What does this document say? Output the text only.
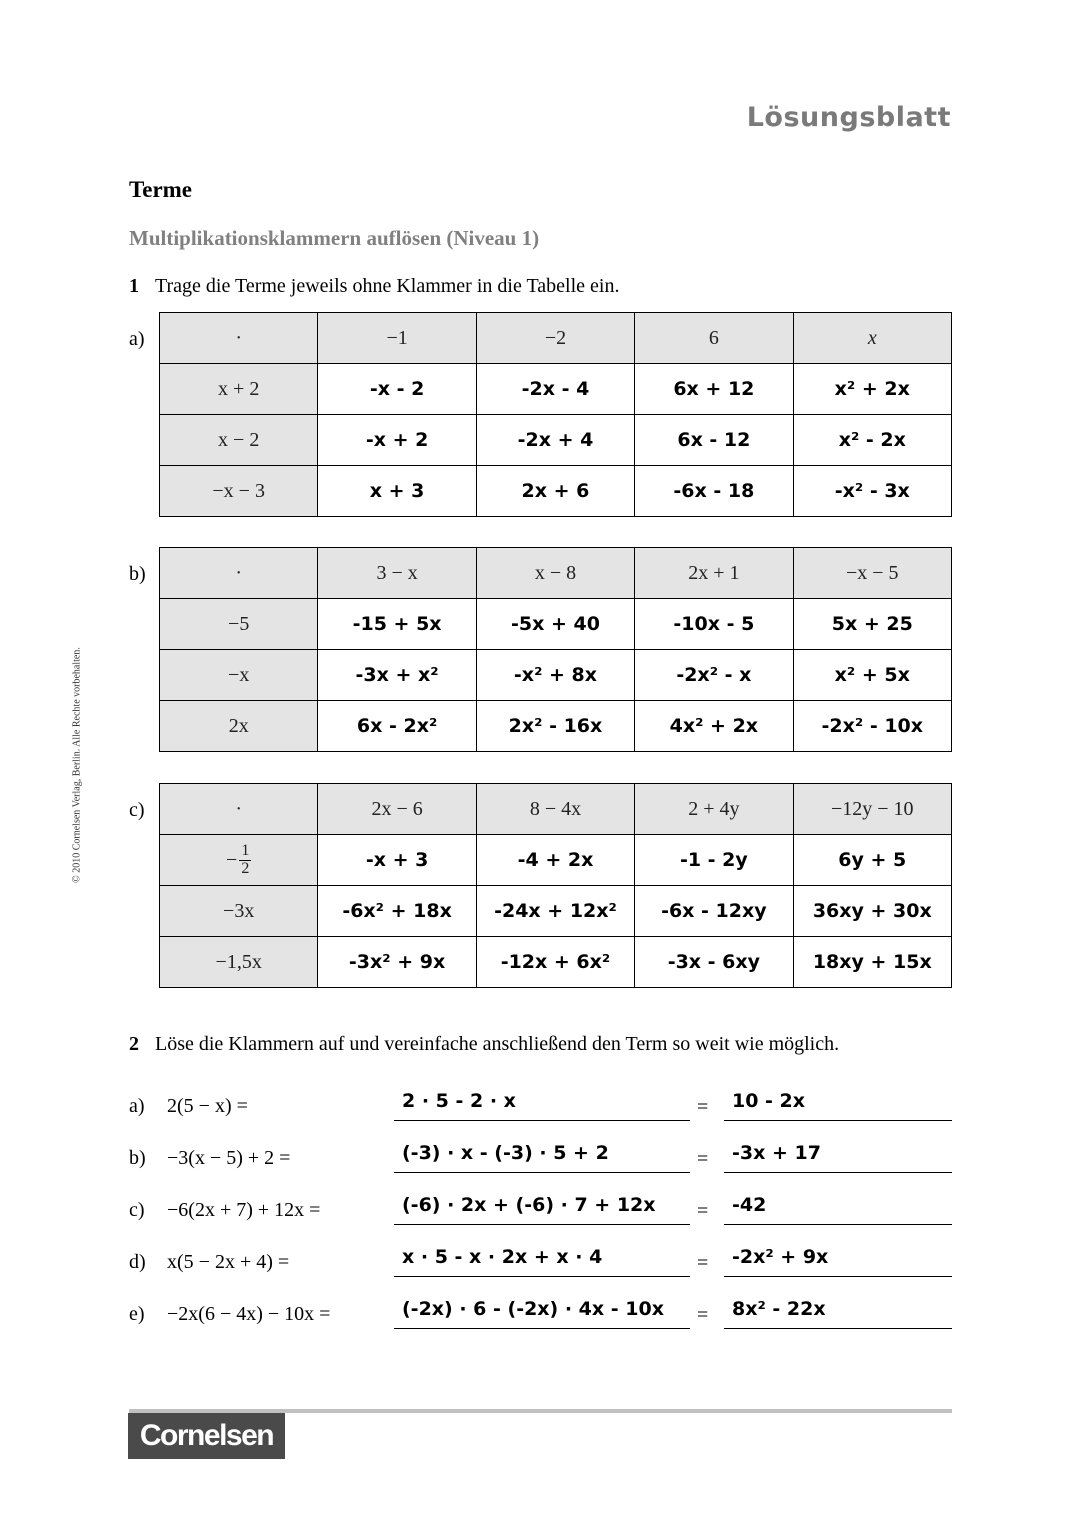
Lösungsblatt
© 2010 Cornelsen Verlag, Berlin. Alle Rechte vorbehalten.
Terme
Multiplikationsklammern auflösen (Niveau 1)
1 Trage die Terme jeweils ohne Klammer in die Tabelle ein.
a)	·	−1	−2	6	x
x + 2	-x - 2	-2x - 4	6x + 12	x² + 2x
x − 2	-x + 2	-2x + 4	6x - 12	x² - 2x
−x − 3	x + 3	2x + 6	-6x - 18	-x² - 3x
b)	·	3 − x	x − 8	2x + 1	−x − 5
−5	-15 + 5x	-5x + 40	-10x - 5	5x + 25
−x	-3x + x²	-x² + 8x	-2x² - x	x² + 5x
2x	6x - 2x²	2x² - 16x	4x² + 2x	-2x² - 10x
c)	·	2x − 6	8 − 4x	2 + 4y	−12y − 10
− $\frac{1}{2}$	-x + 3	-4 + 2x	-1 - 2y	6y + 5
−3x	-6x² + 18x	-24x + 12x²	-6x - 12xy	36xy + 30x
−1,5x	-3x² + 9x	-12x + 6x²	-3x - 6xy	18xy + 15x
2 Löse die Klammern auf und vereinfache anschließend den Term so weit wie möglich.
a) 2(5 − x) =	2 · 5 - 2 · x	=	10 - 2x
b) −3(x − 5) + 2 =	(-3) · x - (-3) · 5 + 2	=	-3x + 17
c) −6(2x + 7) + 12x =	(-6) · 2x + (-6) · 7 + 12x	=	-42
d) x(5 − 2x + 4) =	x · 5 - x · 2x + x · 4	=	-2x² + 9x
e) −2x(6 − 4x) − 10x =	(-2x) · 6 - (-2x) · 4x - 10x	=	8x² - 22x
Cornelsen
